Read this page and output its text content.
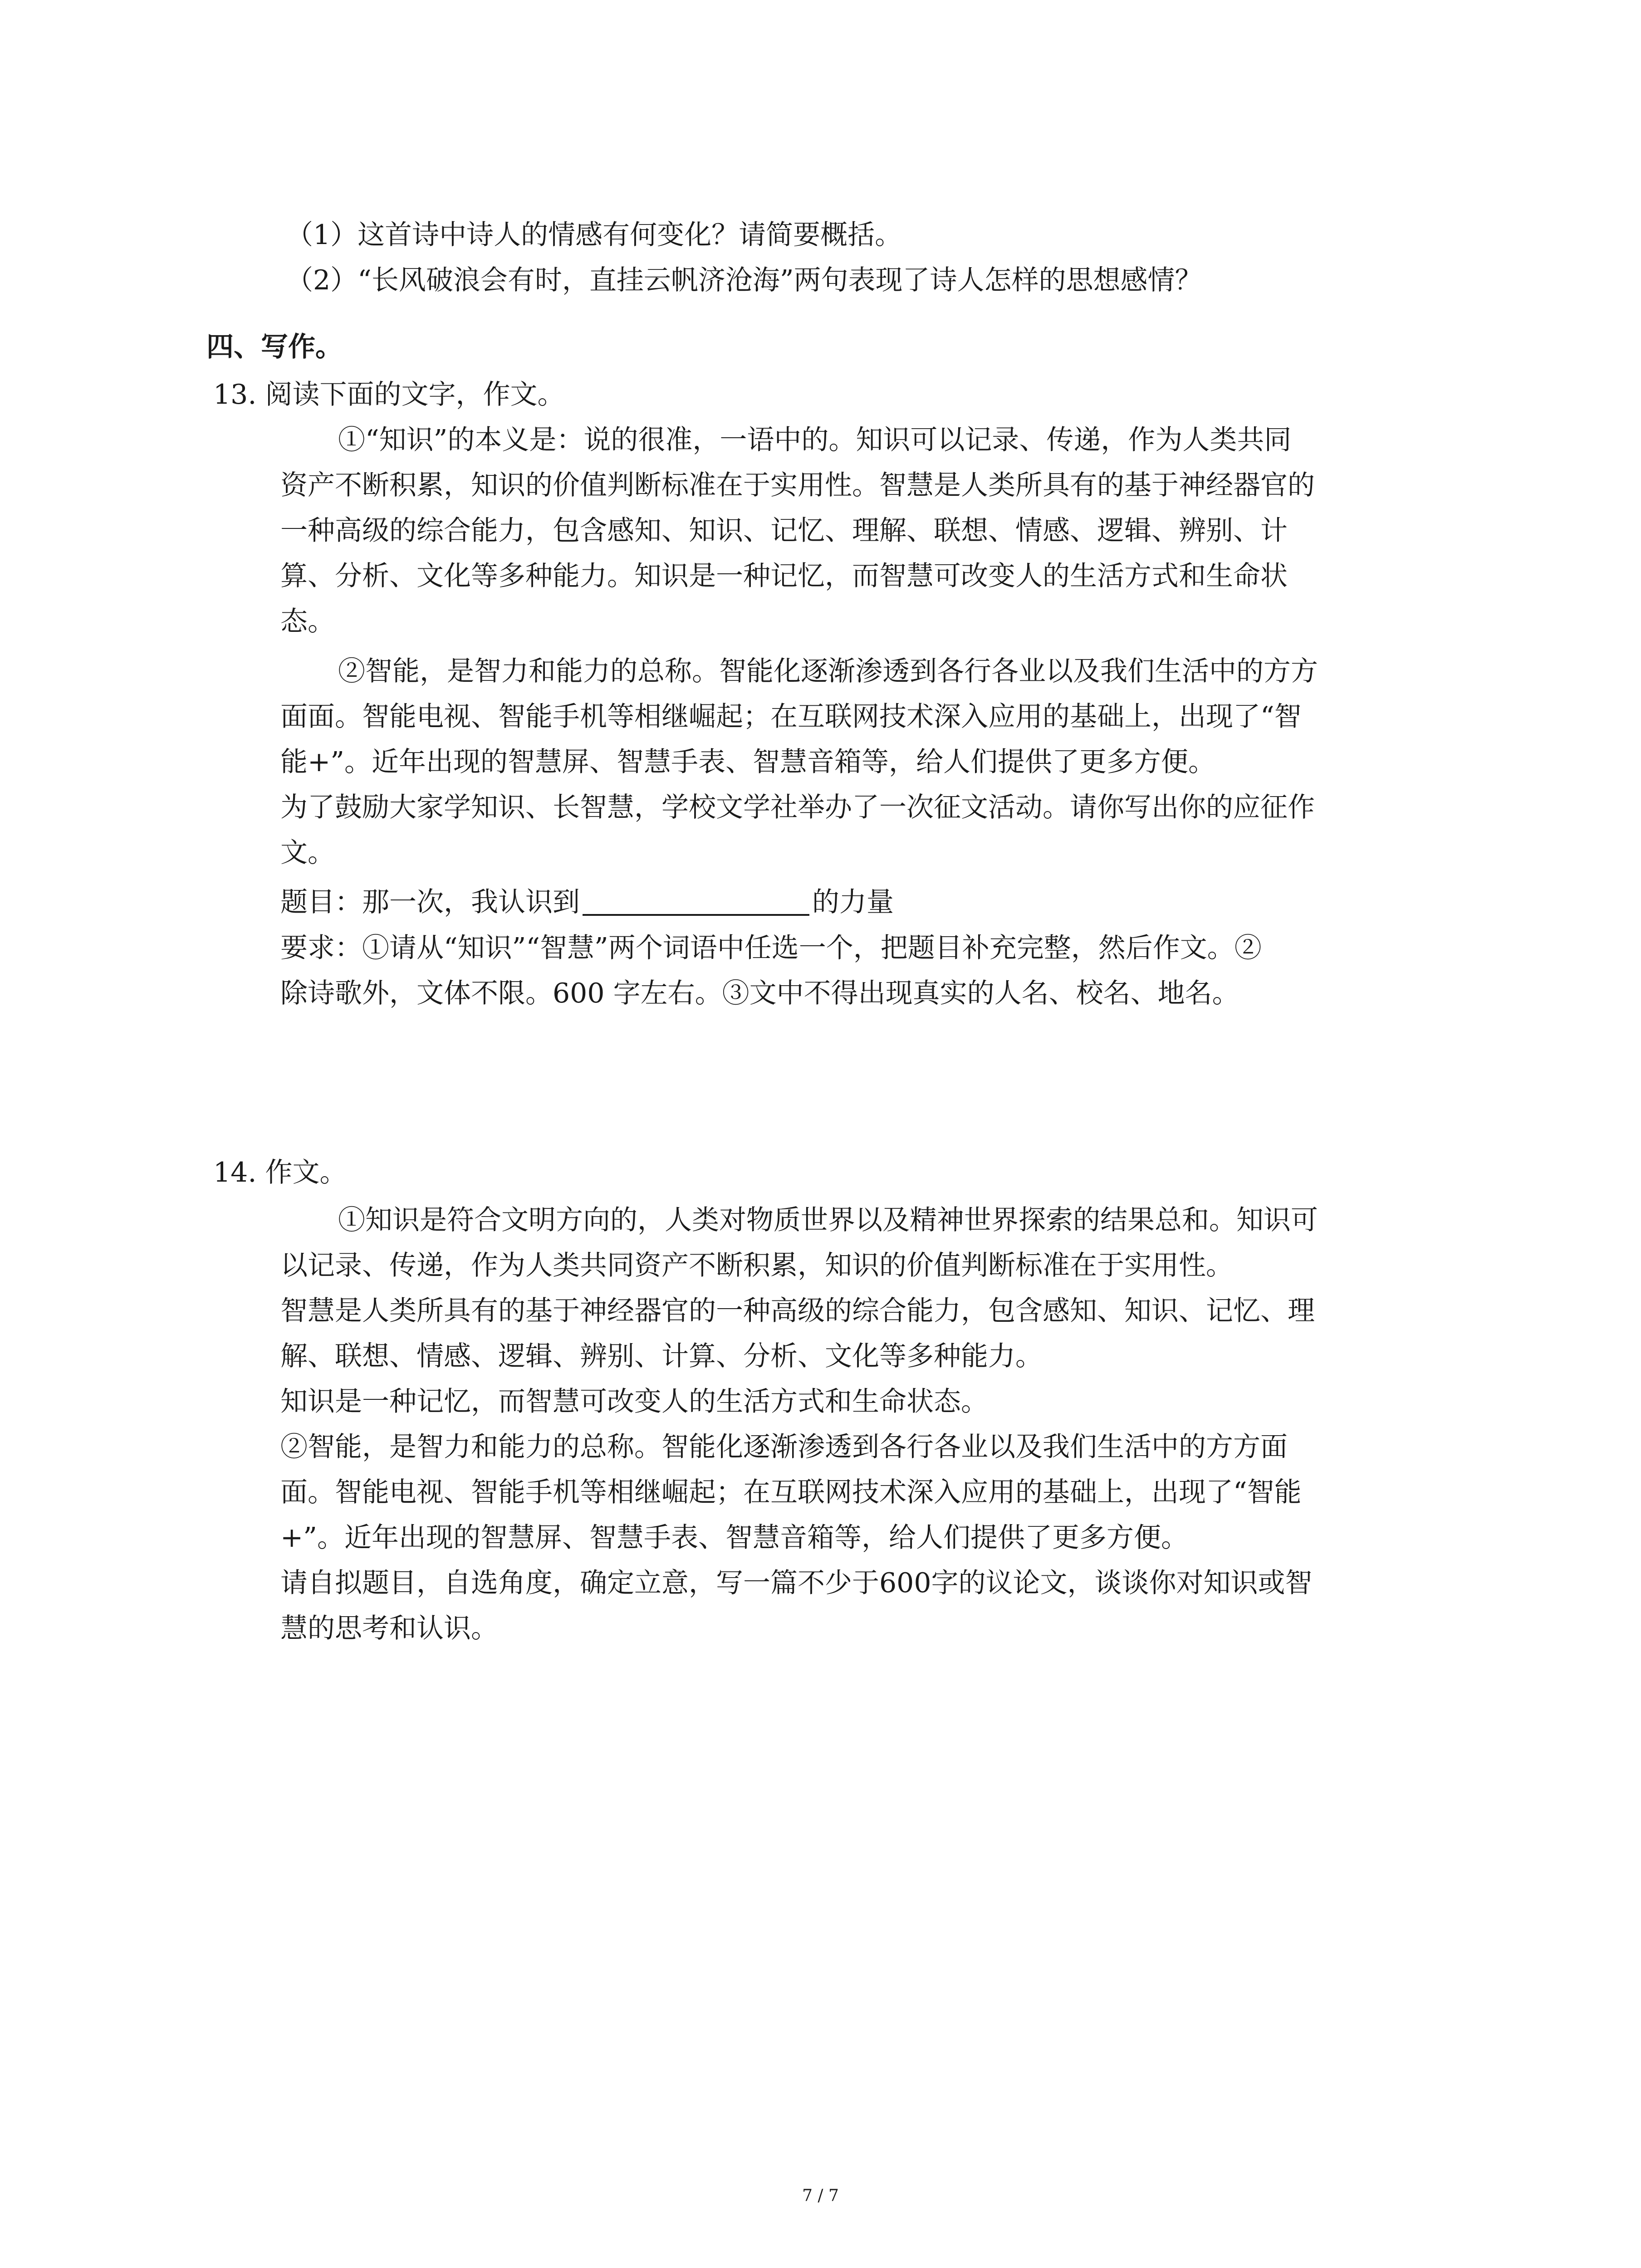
（1）这首诗中诗人的情感有何变化？请简要概括。
（2）“长风破浪会有时，直挂云帆济沧海”两句表现了诗人怎样的思想感情？
四、写作。
13. 阅读下面的文字，作文。
①“知识”的本义是：说的很准，一语中的。知识可以记录、传递，作为人类共同
资产不断积累，知识的价值判断标准在于实用性。智慧是人类所具有的基于神经器官的
一种高级的综合能力，包含感知、知识、记忆、理解、联想、情感、逻辑、辨别、计
算、分析、文化等多种能力。知识是一种记忆，而智慧可改变人的生活方式和生命状
态。
②智能，是智力和能力的总称。智能化逐渐渗透到各行各业以及我们生活中的方方
面面。智能电视、智能手机等相继崛起；在互联网技术深入应用的基础上，出现了“智
能+”。近年出现的智慧屏、智慧手表、智慧音箱等，给人们提供了更多方便。
为了鼓励大家学知识、长智慧，学校文学社举办了一次征文活动。请你写出你的应征作
文。
题目：那一次，我认识到	的力量
要求：①请从“知识”“智慧”两个词语中任选一个，把题目补充完整，然后作文。②
除诗歌外，文体不限。600 字左右。③文中不得出现真实的人名、校名、地名。
14. 作文。
①知识是符合文明方向的，人类对物质世界以及精神世界探索的结果总和。知识可
以记录、传递，作为人类共同资产不断积累，知识的价值判断标准在于实用性。
智慧是人类所具有的基于神经器官的一种高级的综合能力，包含感知、知识、记忆、理
解、联想、情感、逻辑、辨别、计算、分析、文化等多种能力。
知识是一种记忆，而智慧可改变人的生活方式和生命状态。
②智能，是智力和能力的总称。智能化逐渐渗透到各行各业以及我们生活中的方方面
面。智能电视、智能手机等相继崛起；在互联网技术深入应用的基础上，出现了“智能
+”。近年出现的智慧屏、智慧手表、智慧音箱等，给人们提供了更多方便。
请自拟题目，自选角度，确定立意，写一篇不少于600字的议论文，谈谈你对知识或智
慧的思考和认识。
7 / 7
